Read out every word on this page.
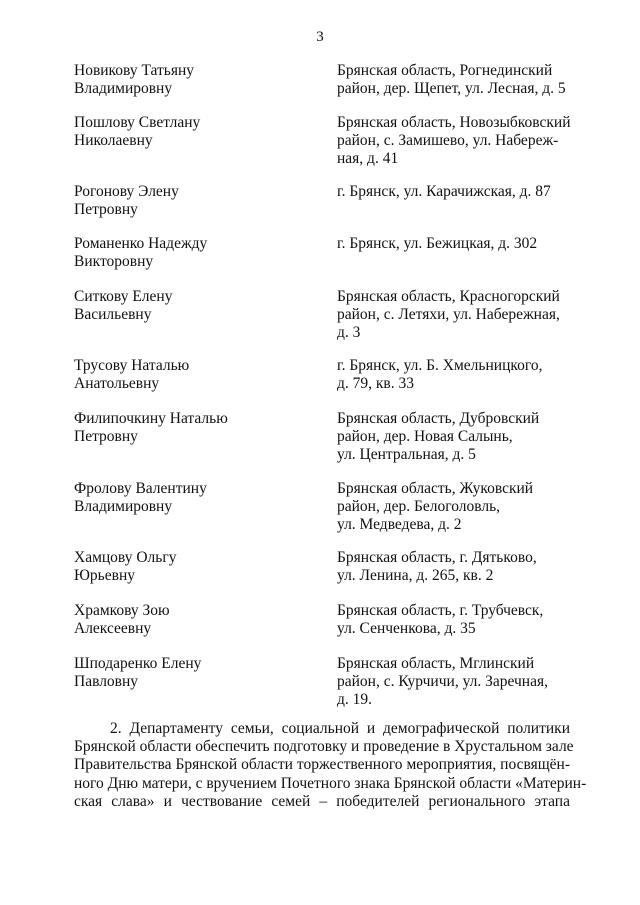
3
Новикову Татьяну
Владимировну
Брянская область, Рогнединский
район, дер. Щепет, ул. Лесная, д. 5
Пошлову Светлану
Николаевну
Брянская область, Новозыбковский
район, с. Замишево, ул. Набереж-
ная, д. 41
Рогонову Элену
Петровну
г. Брянск, ул. Карачижская, д. 87
Романенко Надежду
Викторовну
г. Брянск, ул. Бежицкая, д. 302
Ситкову Елену
Васильевну
Брянская область, Красногорский
район, с. Летяхи, ул. Набережная,
д. 3
Трусову Наталью
Анатольевну
г. Брянск, ул. Б. Хмельницкого,
д. 79, кв. 33
Филипочкину Наталью
Петровну
Брянская область, Дубровский
район, дер. Новая Салынь,
ул. Центральная, д. 5
Фролову Валентину
Владимировну
Брянская область, Жуковский
район, дер. Белоголовль,
ул. Медведева, д. 2
Хамцову Ольгу
Юрьевну
Брянская область, г. Дятьково,
ул. Ленина, д. 265, кв. 2
Храмкову Зою
Алексеевну
Брянская область, г. Трубчевск,
ул. Сенченкова, д. 35
Шподаренко Елену
Павловну
Брянская область, Мглинский
район, с. Курчичи, ул. Заречная,
д. 19.
2. Департаменту семьи, социальной и демографической политики
Брянской области обеспечить подготовку и проведение в Хрустальном зале
Правительства Брянской области торжественного мероприятия, посвящён-
ного Дню матери, с вручением Почетного знака Брянской области «Материн-
ская слава» и чествование семей – победителей регионального этапа
